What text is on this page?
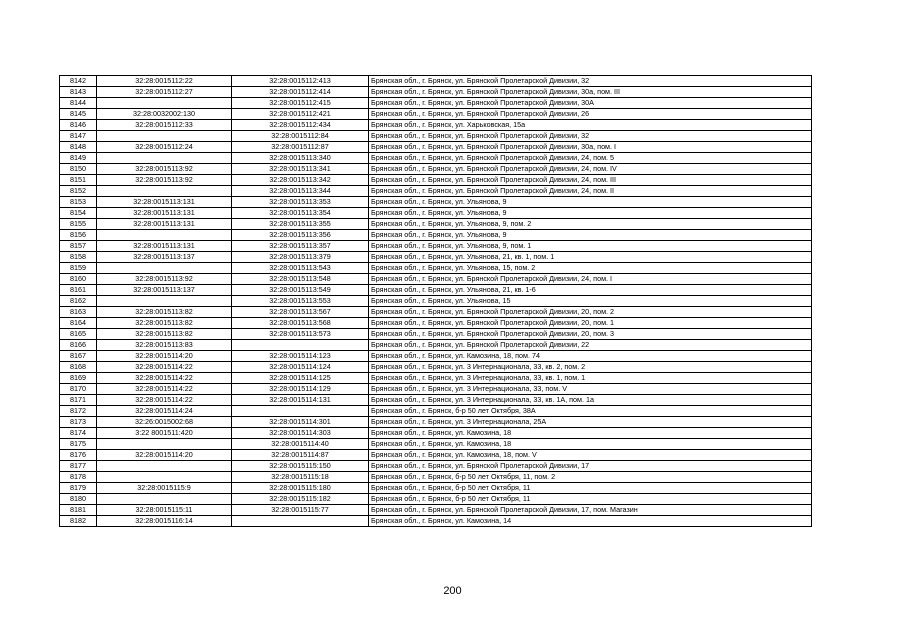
8142	32:28:0015112:22	32:28:0015112:413	Брянская обл., г. Брянск, ул. Брянской Пролетарской Дивизии, 32
8143	32:28:0015112:27	32:28:0015112:414	Брянская обл., г. Брянск, ул. Брянской Пролетарской Дивизии, 30а, пом. III
8144		32:28:0015112:415	Брянская обл., г. Брянск, ул. Брянской Пролетарской Дивизии, 30А
8145	32:28:0032002:130	32:28:0015112:421	Брянская обл., г. Брянск, ул. Брянской Пролетарской Дивизии, 26
8146	32:28:0015112:33	32:28:0015112:434	Брянская обл., г. Брянск, ул. Харьковская, 15а
8147		32:28:0015112:84	Брянская обл., г. Брянск, ул. Брянской Пролетарской Дивизии, 32
8148	32:28:0015112:24	32:28:0015112:87	Брянская обл., г. Брянск, ул. Брянской Пролетарской Дивизии, 30а, пом. I
8149		32:28:0015113:340	Брянская обл., г. Брянск, ул. Брянской Пролетарской Дивизии, 24, пом. 5
8150	32:28:0015113:92	32:28:0015113:341	Брянская обл., г. Брянск, ул. Брянской Пролетарской Дивизии, 24, пом. IV
8151	32:28:0015113:92	32:28:0015113:342	Брянская обл., г. Брянск, ул. Брянской Пролетарской Дивизии, 24, пом. III
8152		32:28:0015113:344	Брянская обл., г. Брянск, ул. Брянской Пролетарской Дивизии, 24, пом. II
8153	32:28:0015113:131	32:28:0015113:353	Брянская обл., г. Брянск, ул. Ульянова, 9
8154	32:28:0015113:131	32:28:0015113:354	Брянская обл., г. Брянск, ул. Ульянова, 9
8155	32:28:0015113:131	32:28:0015113:355	Брянская обл., г. Брянск, ул. Ульянова, 9, пом. 2
8156		32:28:0015113:356	Брянская обл., г. Брянск, ул. Ульянова, 9
8157	32:28:0015113:131	32:28:0015113:357	Брянская обл., г. Брянск, ул. Ульянова, 9, пом. 1
8158	32:28:0015113:137	32:28:0015113:379	Брянская обл., г. Брянск, ул. Ульянова, 21, кв. 1, пом. 1
8159		32:28:0015113:543	Брянская обл., г. Брянск, ул. Ульянова, 15, пом. 2
8160	32:28:0015113:92	32:28:0015113:548	Брянская обл., г. Брянск, ул. Брянской Пролетарской Дивизии, 24, пом. I
8161	32:28:0015113:137	32:28:0015113:549	Брянская обл., г. Брянск, ул. Ульянова, 21, кв. 1-6
8162		32:28:0015113:553	Брянская обл., г. Брянск, ул. Ульянова, 15
8163	32:28:0015113:82	32:28:0015113:567	Брянская обл., г. Брянск, ул. Брянской Пролетарской Дивизии, 20, пом. 2
8164	32:28:0015113:82	32:28:0015113:568	Брянская обл., г. Брянск, ул. Брянской Пролетарской Дивизии, 20, пом. 1
8165	32:28:0015113:82	32:28:0015113:573	Брянская обл., г. Брянск, ул. Брянской Пролетарской Дивизии, 20, пом. 3
8166	32:28:0015113:83		Брянская обл., г. Брянск, ул. Брянской Пролетарской Дивизии, 22
8167	32:28:0015114:20	32:28:0015114:123	Брянская обл., г. Брянск, ул. Камозина, 18, пом. 74
8168	32:28:0015114:22	32:28:0015114:124	Брянская обл., г. Брянск, ул. 3 Интернационала, 33, кв. 2, пом. 2
8169	32:28:0015114:22	32:28:0015114:125	Брянская обл., г. Брянск, ул. 3 Интернационала, 33, кв. 1, пом. 1
8170	32:28:0015114:22	32:28:0015114:129	Брянская обл., г. Брянск, ул. 3 Интернационала, 33, пом. V
8171	32:28:0015114:22	32:28:0015114:131	Брянская обл., г. Брянск, ул. 3 Интернационала, 33, кв. 1А, пом. 1а
8172	32:28:0015114:24		Брянская обл., г. Брянск, б-р 50 лет Октября, 38А
8173	32:26:0015002:68	32:28:0015114:301	Брянская обл., г. Брянск, ул. 3 Интернационала, 25А
8174	3:22 8001511:420	32:28:0015114:303	Брянская обл., г. Брянск, ул. Камозина, 18
8175		32:28:0015114:40	Брянская обл., г. Брянск, ул. Камозина, 18
8176	32:28:0015114:20	32:28:0015114:87	Брянская обл., г. Брянск, ул. Камозина, 18, пом. V
8177		32:28:0015115:150	Брянская обл., г. Брянск, ул. Брянской Пролетарской Дивизии, 17
8178		32:28:0015115:18	Брянская обл., г. Брянск, б-р 50 лет Октября, 11, пом. 2
8179	32:28:0015115:9	32:28:0015115:180	Брянская обл., г. Брянск, б-р 50 лет Октября, 11
8180		32:28:0015115:182	Брянская обл., г. Брянск, б-р 50 лет Октября, 11
8181	32:28:0015115:11	32:28:0015115:77	Брянская обл., г. Брянск, ул. Брянской Пролетарской Дивизии, 17, пом. Магазин
8182	32:28:0015116:14		Брянская обл., г. Брянск, ул. Камозина, 14
200
